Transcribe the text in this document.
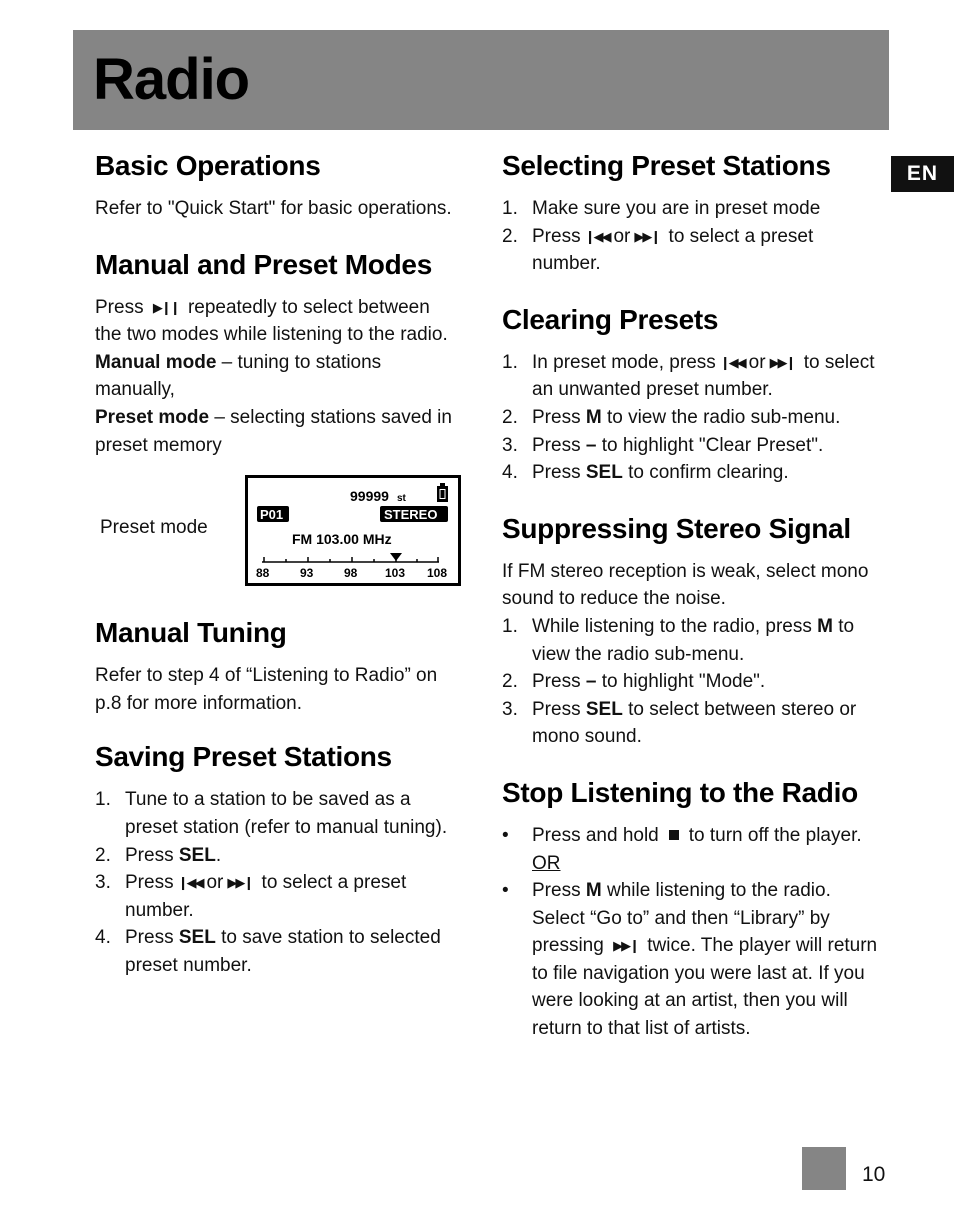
Radio
EN
Basic Operations

Refer to "Quick Start" for basic operations.

Manual and Preset Modes

Press ▶❙❙ repeatedly to select between the two modes while listening to the radio.

Manual mode – tuning to stations manually,

Preset mode – selecting stations saved in preset memory

Preset mode
99999 st
P01	STEREO
FM 103.00 MHz
88	93	98 103 108
Manual Tuning

Refer to step 4 of “Listening to Radio” on p.8 for more information.

Saving Preset Stations
1. Tune to a station to be saved as a preset station (refer to manual tuning).
2. Press SEL.
3. Press ❙◀◀ or ▶▶❙ to select a preset number.
4. Press SEL to save station to selected preset number.
Selecting Preset Stations
1. Make sure you are in preset mode
2. Press ❙◀◀ or ▶▶❙ to select a preset number.
Clearing Presets
1. In preset mode, press ❙◀◀ or ▶▶❙ to select an unwanted preset number.
2. Press M to view the radio sub-menu.
3. Press – to highlight "Clear Preset".
4. Press SEL to confirm clearing.
Suppressing Stereo Signal

If FM stereo reception is weak, select mono sound to reduce the noise.

1. While listening to the radio, press M to view the radio sub-menu.
2. Press – to highlight "Mode".
3. Press SEL to select between stereo or mono sound.
Stop Listening to the Radio
•	Press and hold to turn off the player. OR
•	Press M while listening to the radio. Select “Go to” and then “Library” by pressing ▶▶❙ twice. The player will return to file navigation you were last at. If you were looking at an artist, then you will return to that list of artists.
10
